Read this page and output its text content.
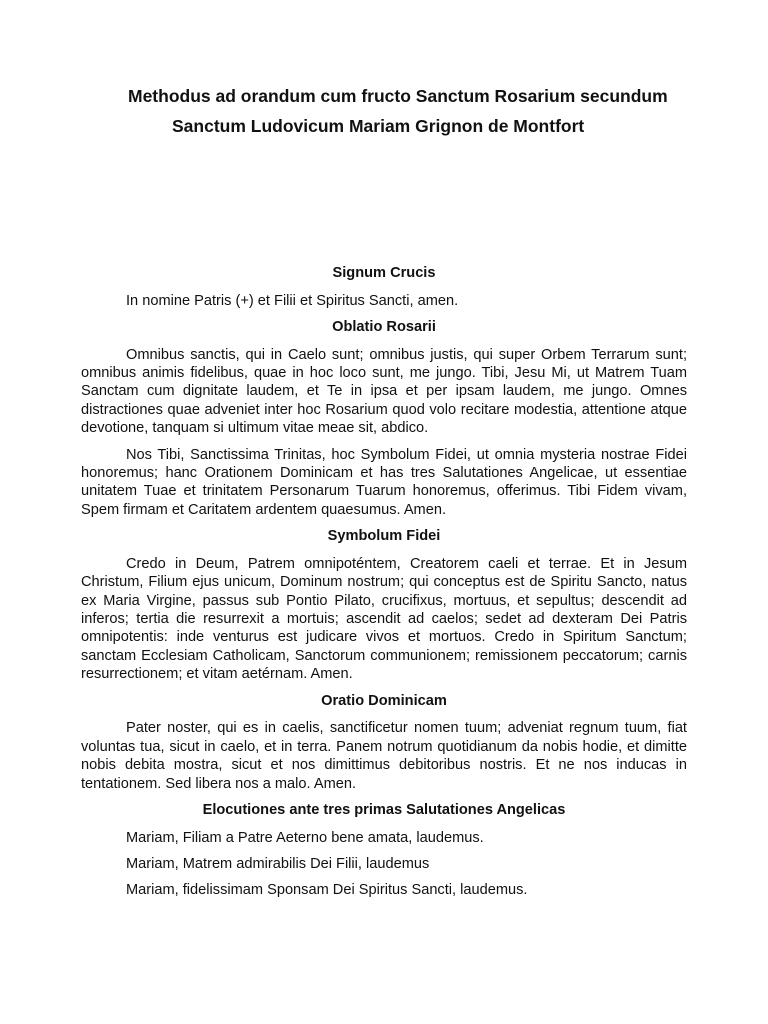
Methodus ad orandum cum fructo Sanctum Rosarium secundum
Sanctum Ludovicum Mariam Grignon de Montfort

Signum Crucis

In nomine Patris (+) et Filii et Spiritus Sancti, amen.

Oblatio Rosarii

Omnibus sanctis, qui in Caelo sunt; omnibus justis, qui super Orbem Terrarum sunt; omnibus animis fidelibus, quae in hoc loco sunt, me jungo. Tibi, Jesu Mi, ut Matrem Tuam Sanctam cum dignitate laudem, et Te in ipsa et per ipsam laudem, me jungo. Omnes distractiones quae adveniet inter hoc Rosarium quod volo recitare modestia, attentione atque devotione, tanquam si ultimum vitae meae sit, abdico.

Nos Tibi, Sanctissima Trinitas, hoc Symbolum Fidei, ut omnia mysteria nostrae Fidei honoremus; hanc Orationem Dominicam et has tres Salutationes Angelicae, ut essentiae unitatem Tuae et trinitatem Personarum Tuarum honoremus, offerimus. Tibi Fidem vivam, Spem firmam et Caritatem ardentem quaesumus. Amen.

Symbolum Fidei

Credo in Deum, Patrem omnipoténtem, Creatorem caeli et terrae. Et in Jesum Christum, Filium ejus unicum, Dominum nostrum; qui conceptus est de Spiritu Sancto, natus ex Maria Virgine, passus sub Pontio Pilato, crucifixus, mortuus, et sepultus; descendit ad inferos; tertia die resurrexit a mortuis; ascendit ad caelos; sedet ad dexteram Dei Patris omnipotentis: inde venturus est judicare vivos et mortuos. Credo in Spiritum Sanctum; sanctam Ecclesiam Catholicam, Sanctorum communionem; remissionem peccatorum; carnis resurrectionem; et vitam aetérnam. Amen.

Oratio Dominicam

Pater noster, qui es in caelis, sanctificetur nomen tuum; adveniat regnum tuum, fiat voluntas tua, sicut in caelo, et in terra. Panem notrum quotidianum da nobis hodie, et dimitte nobis debita mostra, sicut et nos dimittimus debitoribus nostris. Et ne nos inducas in tentationem. Sed libera nos a malo. Amen.

Elocutiones ante tres primas Salutationes Angelicas

Mariam, Filiam a Patre Aeterno bene amata, laudemus.

Mariam, Matrem admirabilis Dei Filii, laudemus

Mariam, fidelissimam Sponsam Dei Spiritus Sancti, laudemus.
